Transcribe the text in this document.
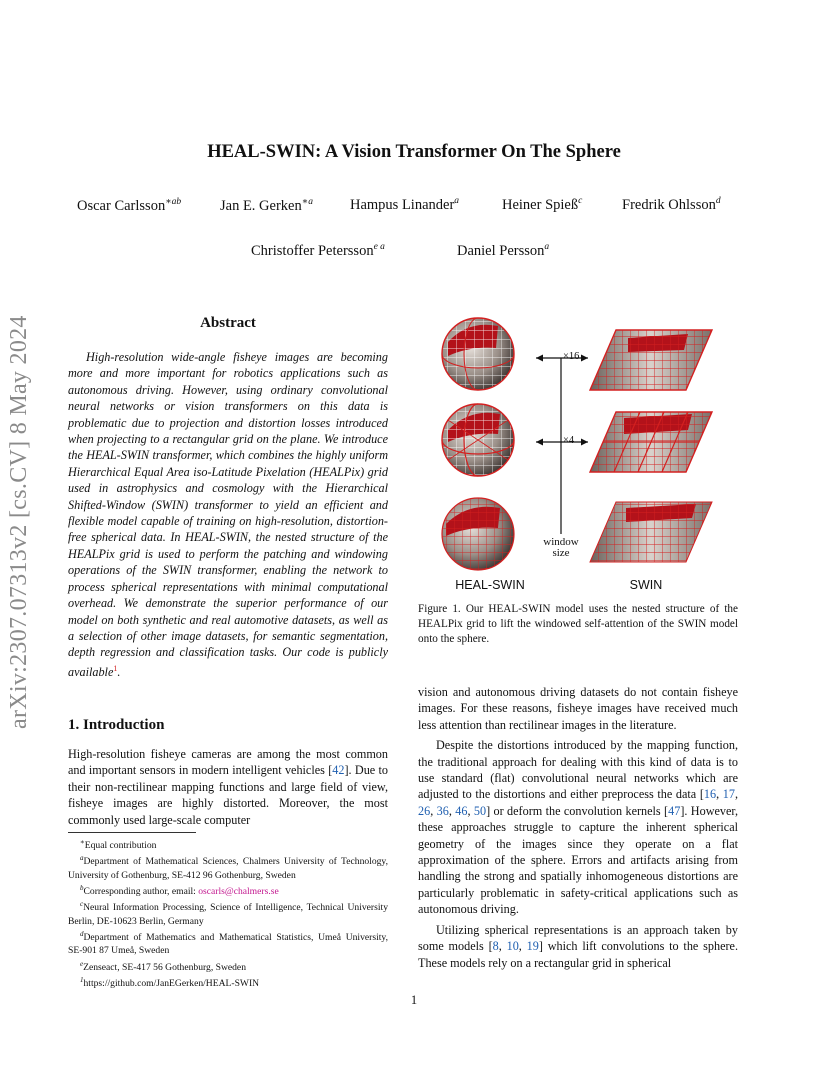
arXiv:2307.07313v2 [cs.CV] 8 May 2024
HEAL-SWIN: A Vision Transformer On The Sphere
Oscar Carlsson$^{∗ab}$	Jan E. Gerken$^{∗a}$	Hampus Linander$^a$	Heiner Spieß$^c$	Fredrik Ohlsson$^d$
Christoffer Petersson$^{e a}$	Daniel Persson$^a$
Abstract
High-resolution wide-angle fisheye images are becoming more and more important for robotics applications such as autonomous driving. However, using ordinary convolutional neural networks or vision transformers on this data is problematic due to projection and distortion losses introduced when projecting to a rectangular grid on the plane. We introduce the HEAL-SWIN transformer, which combines the highly uniform Hierarchical Equal Area iso-Latitude Pixelation (HEALPix) grid used in astrophysics and cosmology with the Hierarchical Shifted-Window (SWIN) transformer to yield an efficient and flexible model capable of training on high-resolution, distortion-free spherical data. In HEAL-SWIN, the nested structure of the HEALPix grid is used to perform the patching and windowing operations of the SWIN transformer, enabling the network to process spherical representations with minimal computational overhead. We demonstrate the superior performance of our model on both synthetic and real automotive datasets, as well as a selection of other image datasets, for semantic segmentation, depth regression and classification tasks. Our code is publicly available$^1$.
1. Introduction
High-resolution fisheye cameras are among the most common and important sensors in modern intelligent vehicles [42]. Due to their non-rectilinear mapping functions and large field of view, fisheye images are highly distorted. Moreover, the most commonly used large-scale computer
∗Equal contribution
$^a$Department of Mathematical Sciences, Chalmers University of Technology, University of Gothenburg, SE-412 96 Gothenburg, Sweden
$^b$Corresponding author, email: oscarls@chalmers.se
$^c$Neural Information Processing, Science of Intelligence, Technical University Berlin, DE-10623 Berlin, Germany
$^d$Department of Mathematics and Mathematical Statistics, Umeå University, SE-901 87 Umeå, Sweden
$^e$Zenseact, SE-417 56 Gothenburg, Sweden
$^1$https://github.com/JanEGerken/HEAL-SWIN
×16
×4
window
size
HEAL-SWIN	SWIN
Figure 1. Our HEAL-SWIN model uses the nested structure of the HEALPix grid to lift the windowed self-attention of the SWIN model onto the sphere.
vision and autonomous driving datasets do not contain fisheye images. For these reasons, fisheye images have received much less attention than rectilinear images in the literature.
Despite the distortions introduced by the mapping function, the traditional approach for dealing with this kind of data is to use standard (flat) convolutional neural networks which are adjusted to the distortions and either preprocess the data [16, 17, 26, 36, 46, 50] or deform the convolution kernels [47]. However, these approaches struggle to capture the inherent spherical geometry of the images since they operate on a flat approximation of the sphere. Errors and artifacts arising from handling the strong and spatially inhomogeneous distortions are particularly problematic in safety-critical applications such as autonomous driving.
Utilizing spherical representations is an approach taken by some models [8, 10, 19] which lift convolutions to the sphere. These models rely on a rectangular grid in spherical
1
